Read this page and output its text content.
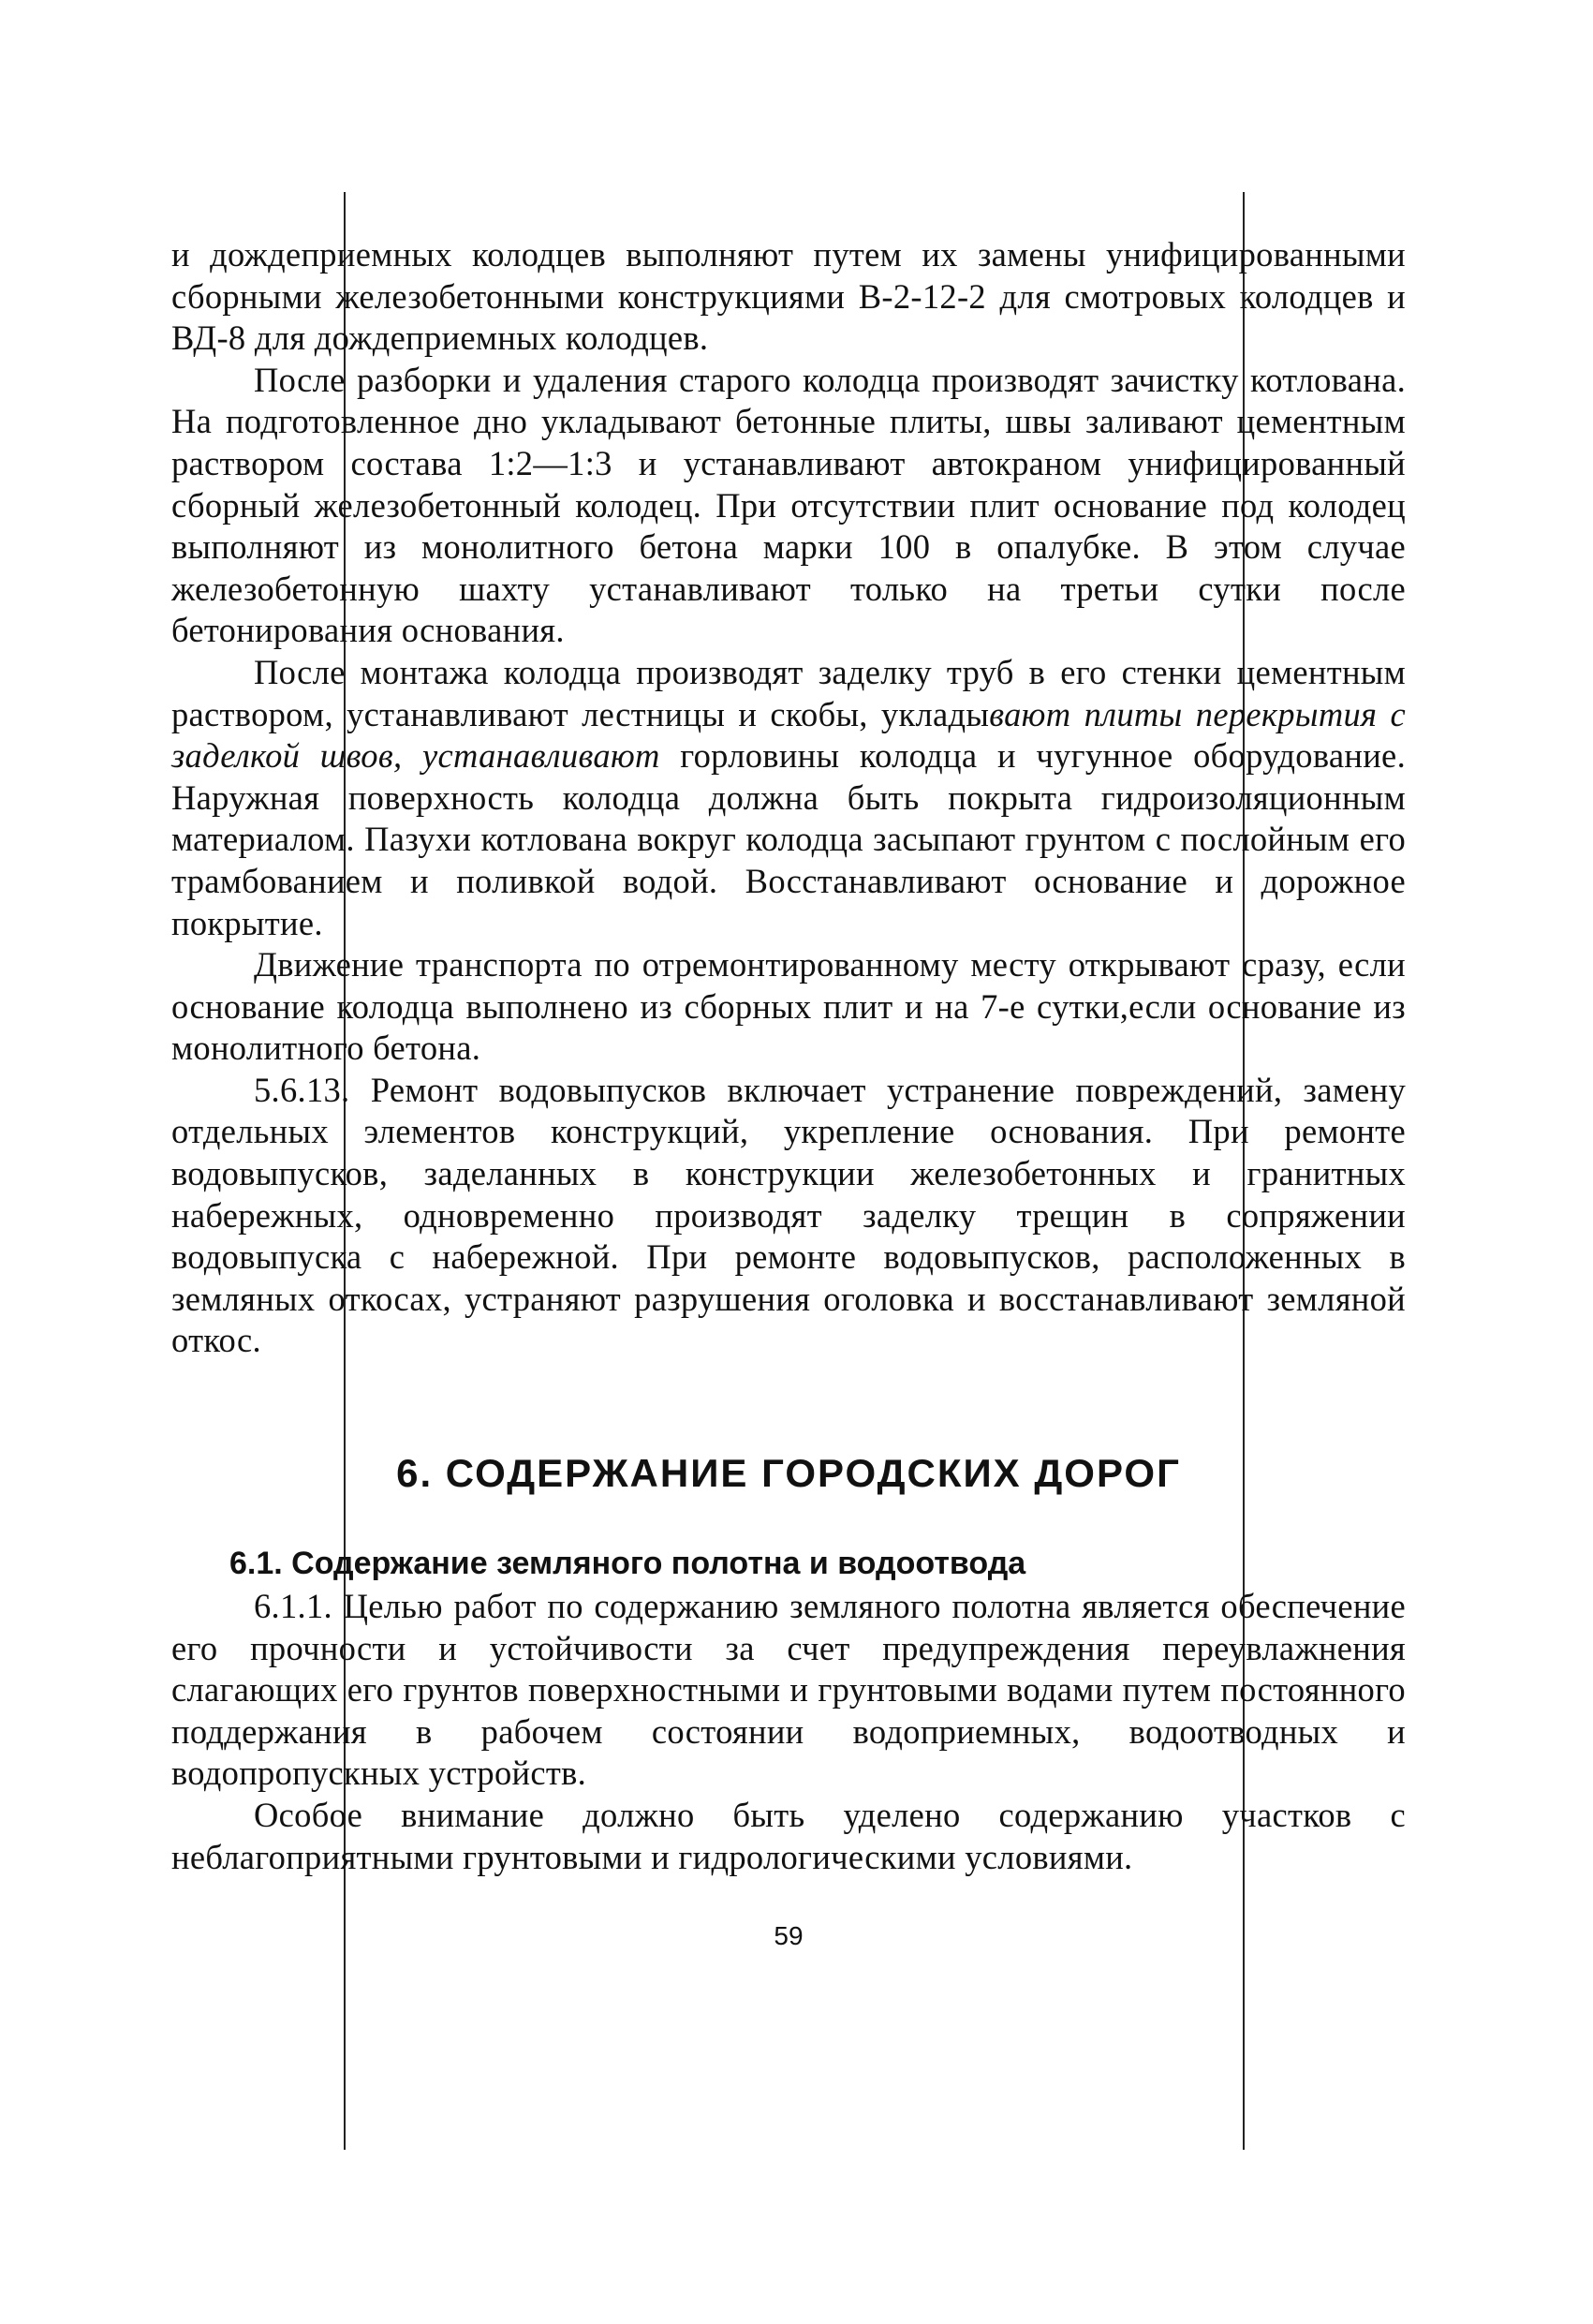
и дождеприемных колодцев выполняют путем их замены унифицированными сборными железобетонными конструкциями В-2-12-2 для смотровых колодцев и ВД-8 для дождеприемных колодцев.

После разборки и удаления старого колодца производят зачистку котлована. На подготовленное дно укладывают бетонные плиты, швы заливают цементным раствором состава 1:2—1:3 и устанавливают автокраном унифицированный сборный железобетонный колодец. При отсутствии плит основание под колодец выполняют из монолитного бетона марки 100 в опалубке. В этом случае железобетонную шахту устанавливают только на третьи сутки после бетонирования основания.

После монтажа колодца производят заделку труб в его стенки цементным раствором, устанавливают лестницы и скобы, укладывают плиты перекрытия с заделкой швов, устанавливают горловины колодца и чугунное оборудование. Наружная поверхность колодца должна быть покрыта гидроизоляционным материалом. Пазухи котлована вокруг колодца засыпают грунтом с послойным его трамбованием и поливкой водой. Восстанавливают основание и дорожное покрытие.

Движение транспорта по отремонтированному месту открывают сразу, если основание колодца выполнено из сборных плит и на 7-е сутки,если основание из монолитного бетона.

5.6.13. Ремонт водовыпусков включает устранение повреждений, замену отдельных элементов конструкций, укрепление основания. При ремонте водовыпусков, заделанных в конструкции железобетонных и гранитных набережных, одновременно производят заделку трещин в сопряжении водовыпуска с набережной. При ремонте водовыпусков, расположенных в земляных откосах, устраняют разрушения оголовка и восстанавливают земляной откос.

6. СОДЕРЖАНИЕ ГОРОДСКИХ ДОРОГ
6.1. Содержание земляного полотна и водоотвода

6.1.1. Целью работ по содержанию земляного полотна является обеспечение его прочности и устойчивости за счет предупреждения переувлажнения слагающих его грунтов поверхностными и грунтовыми водами путем постоянного поддержания в рабочем состоянии водоприемных, водоотводных и водопропускных устройств.

Особое внимание должно быть уделено содержанию участков с неблагоприятными грунтовыми и гидрологическими условиями.

59
